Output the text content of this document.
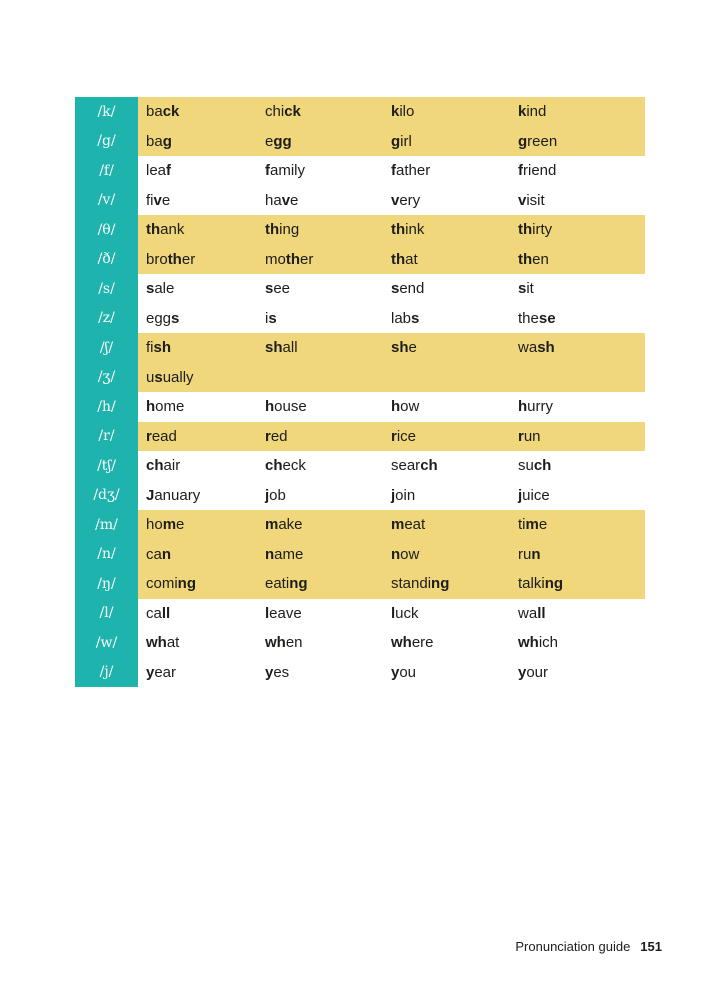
/k/	back	chick	kilo	kind
/g/	bag	egg	girl	green
/f/	leaf	family	father	friend
/v/	five	have	very	visit
/θ/	thank	thing	think	thirty
/ð/	brother	mother	that	then
/s/	sale	see	send	sit
/z/	eggs	is	labs	these
/ʃ/	fish	shall	she	wash
/ʒ/	usually
/h/	home	house	how	hurry
/r/	read	red	rice	run
/tʃ/	chair	check	search	such
/dʒ/	January	job	join	juice
/m/	home	make	meat	time
/n/	can	name	now	run
/ŋ/	coming	eating	standing	talking
/l/	call	leave	luck	wall
/w/	what	when	where	which
/j/	year	yes	you	your
Pronunciation guide 151
